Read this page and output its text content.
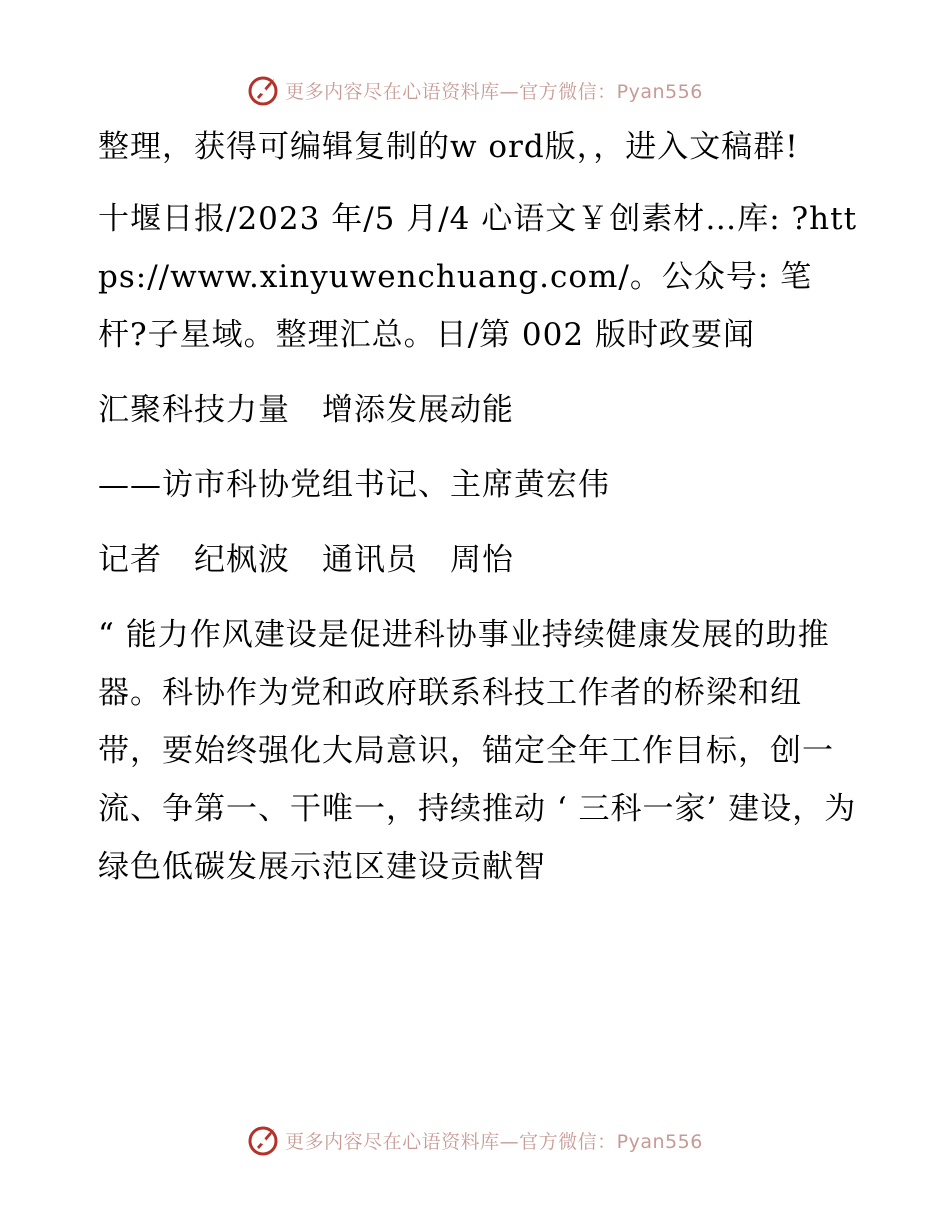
更多内容尽在心语资料库—官方微信：Pyan556

整理，获得可编辑复制的w ord版，，进入文稿群!

十堰日报/2023 年/5 月/4 心语文￥创素材…库: ?https://www.xinyuwenchuang.com/。公众号: 笔杆?子星域。整理汇总。日/第 002 版时政要闻

汇聚科技力量　增添发展动能

——访市科协党组书记、主席黄宏伟

记者　纪枫波　通讯员　周怡

“ 能力作风建设是促进科协事业持续健康发展的助推器。科协作为党和政府联系科技工作者的桥梁和纽带，要始终强化大局意识，锚定全年工作目标，创一流、争第一、干唯一，持续推动 ‘ 三科一家’ 建设，为绿色低碳发展示范区建设贡献智

更多内容尽在心语资料库—官方微信：Pyan556
